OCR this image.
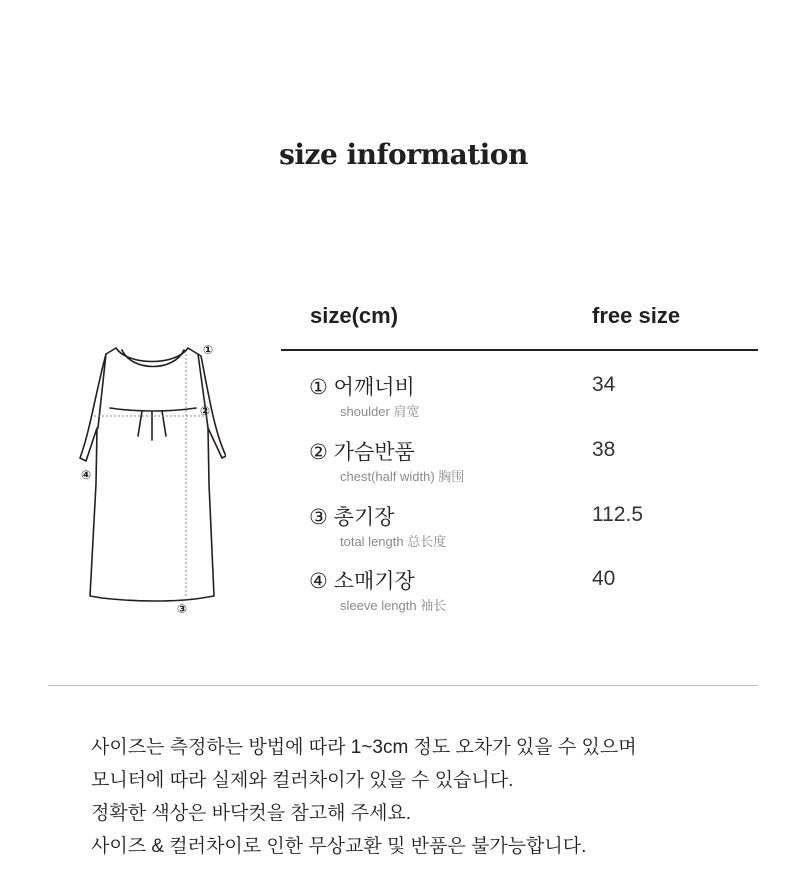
size information
①
②
③
④
size(cm)	free size
① 어깨너비
shoulder 肩宽
34
② 가슴반품
chest(half width) 胸围
38
③ 총기장
total length 总长度
112.5
④ 소매기장
sleeve length 袖长
40
사이즈는 측정하는 방법에 따라 1~3cm 정도 오차가 있을 수 있으며
모니터에 따라 실제와 컬러차이가 있을 수 있습니다.
정확한 색상은 바닥컷을 참고해 주세요.
사이즈 & 컬러차이로 인한 무상교환 및 반품은 불가능합니다.
